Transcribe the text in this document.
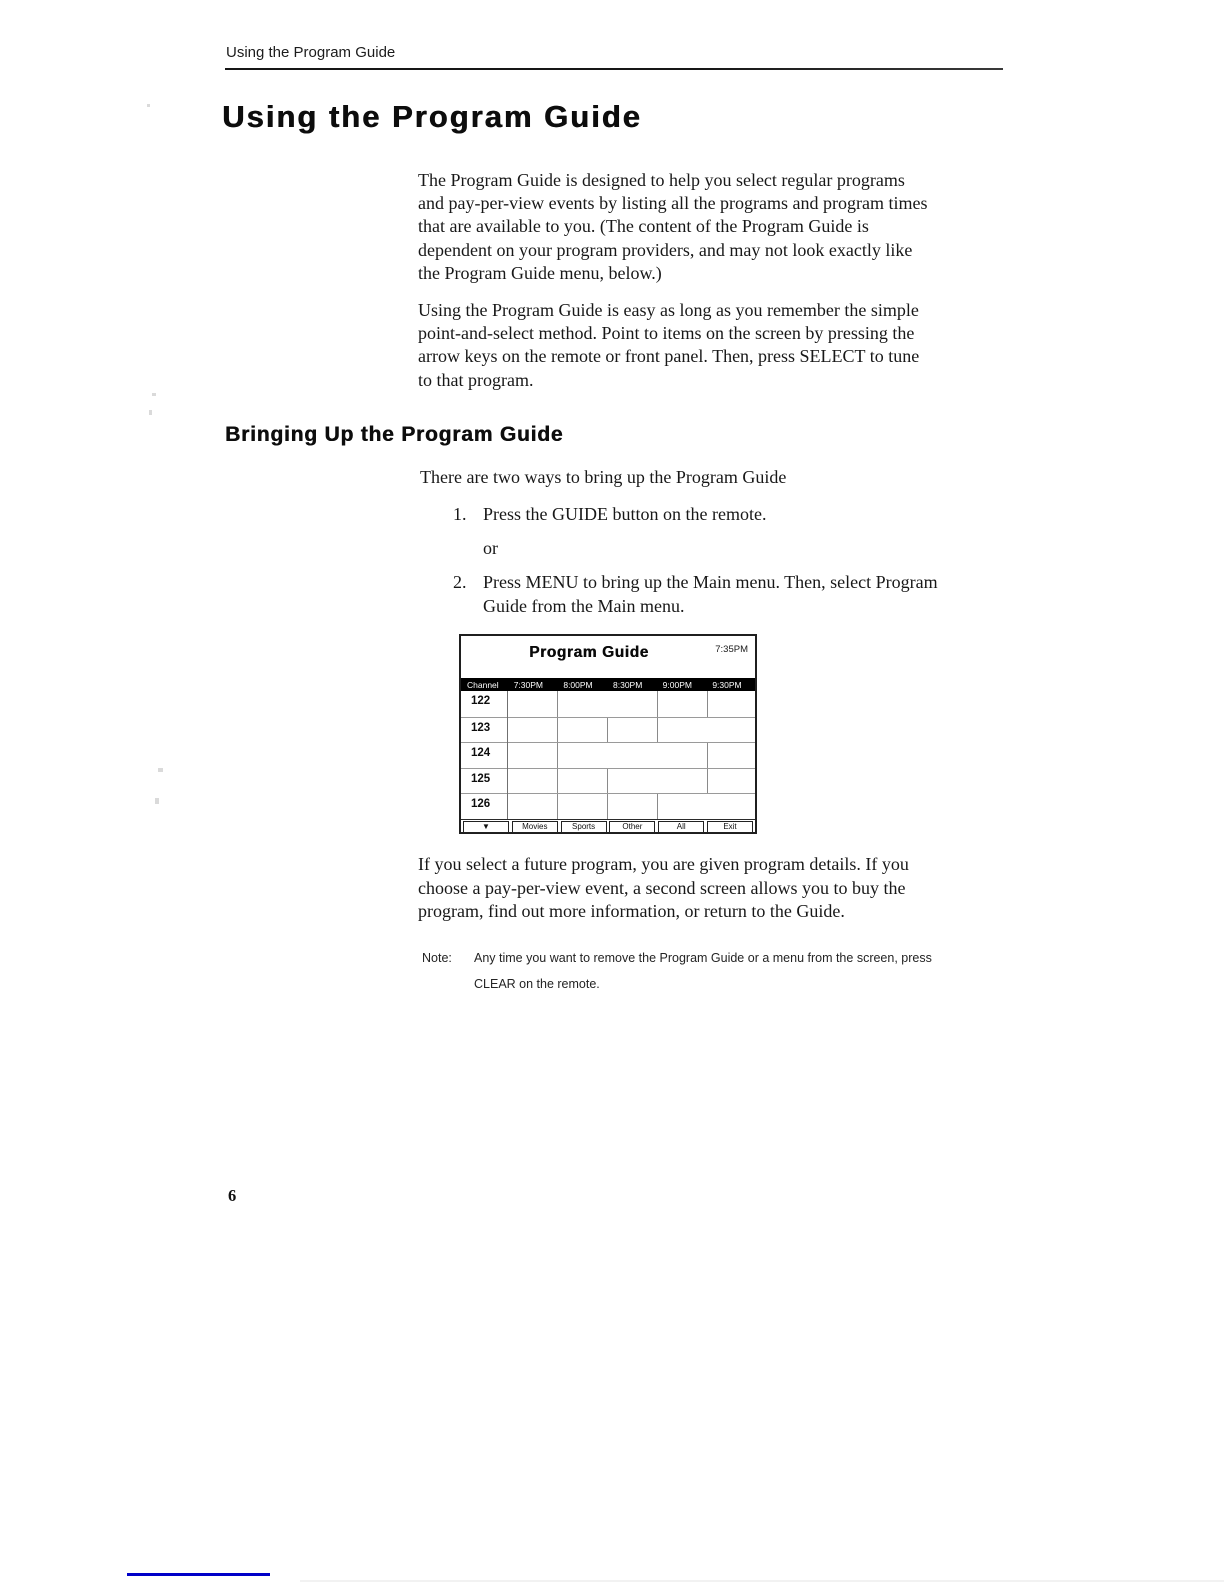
Using the Program Guide
Using the Program Guide
The Program Guide is designed to help you select regular programs
and pay-per-view events by listing all the programs and program times
that are available to you. (The content of the Program Guide is
dependent on your program providers, and may not look exactly like
the Program Guide menu, below.)
Using the Program Guide is easy as long as you remember the simple
point-and-select method. Point to items on the screen by pressing the
arrow keys on the remote or front panel. Then, press SELECT to tune
to that program.
Bringing Up the Program Guide
There are two ways to bring up the Program Guide
1. Press the GUIDE button on the remote.
or
2. Press MENU to bring up the Main menu. Then, select Program
Guide from the Main menu.
Program Guide	7:35PM
Channel	7:30PM	8:00PM	8:30PM	9:00PM	9:30PM
122
123
124
125
126
▼	Movies	Sports	Other	All	Exit
If you select a future program, you are given program details. If you
choose a pay-per-view event, a second screen allows you to buy the
program, find out more information, or return to the Guide.
Note: Any time you want to remove the Program Guide or a menu from the screen, press
CLEAR on the remote.
6
